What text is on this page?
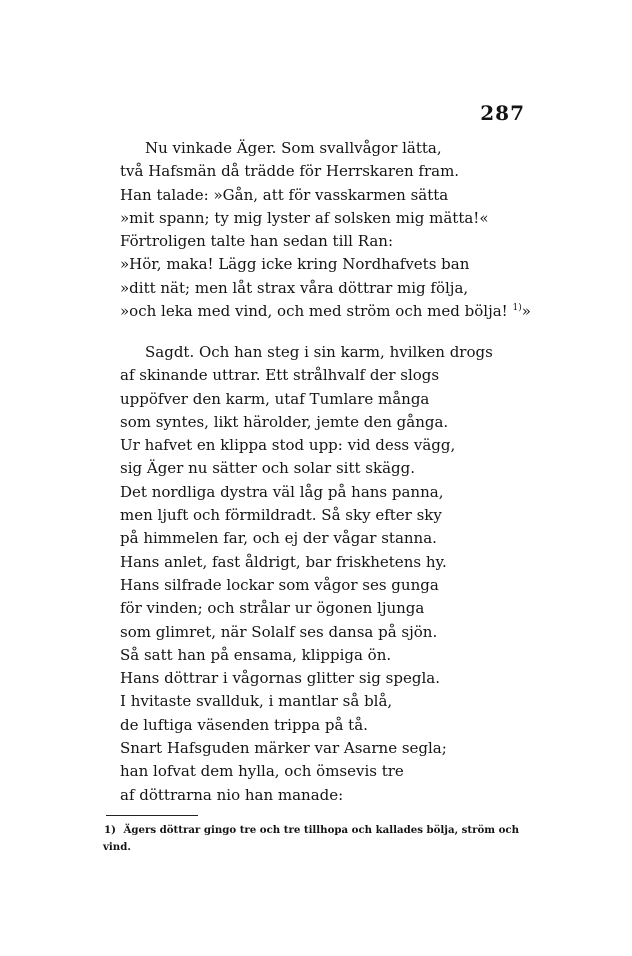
287
Nu vinkade Äger. Som svallvågor lätta,
två Hafsmän då trädde för Herrskaren fram.
Han talade: »Gån, att för vasskarmen sätta
»mit spann; ty mig lyster af solsken mig mätta!«
Förtroligen talte han sedan till Ran:
»Hör, maka! Lägg icke kring Nordhafvets ban
»ditt nät; men låt strax våra döttrar mig följa,
»och leka med vind, och med ström och med bölja! $^{1)}$»
Sagdt. Och han steg i sin karm, hvilken drogs
af skinande uttrar. Ett strålhvalf der slogs
uppöfver den karm, utaf Tumlare många
som syntes, likt härolder, jemte den gånga.
Ur hafvet en klippa stod upp: vid dess vägg,
sig Äger nu sätter och solar sitt skägg.
Det nordliga dystra väl låg på hans panna,
men ljuft och förmildradt. Så sky efter sky
på himmelen far, och ej der vågar stanna.
Hans anlet, fast åldrigt, bar friskhetens hy.
Hans silfrade lockar som vågor ses gunga
för vinden; och strålar ur ögonen ljunga
som glimret, när Solalf ses dansa på sjön.
Så satt han på ensama, klippiga ön.
Hans döttrar i vågornas glitter sig spegla.
I hvitaste svallduk, i mantlar så blå,
de luftiga väsenden trippa på tå.
Snart Hafsguden märker var Asarne segla;
han lofvat dem hylla, och ömsevis tre
af döttrarna nio han manade:
1) Ägers döttrar gingo tre och tre tillhopa och kallades bölja, ström och
vind.
